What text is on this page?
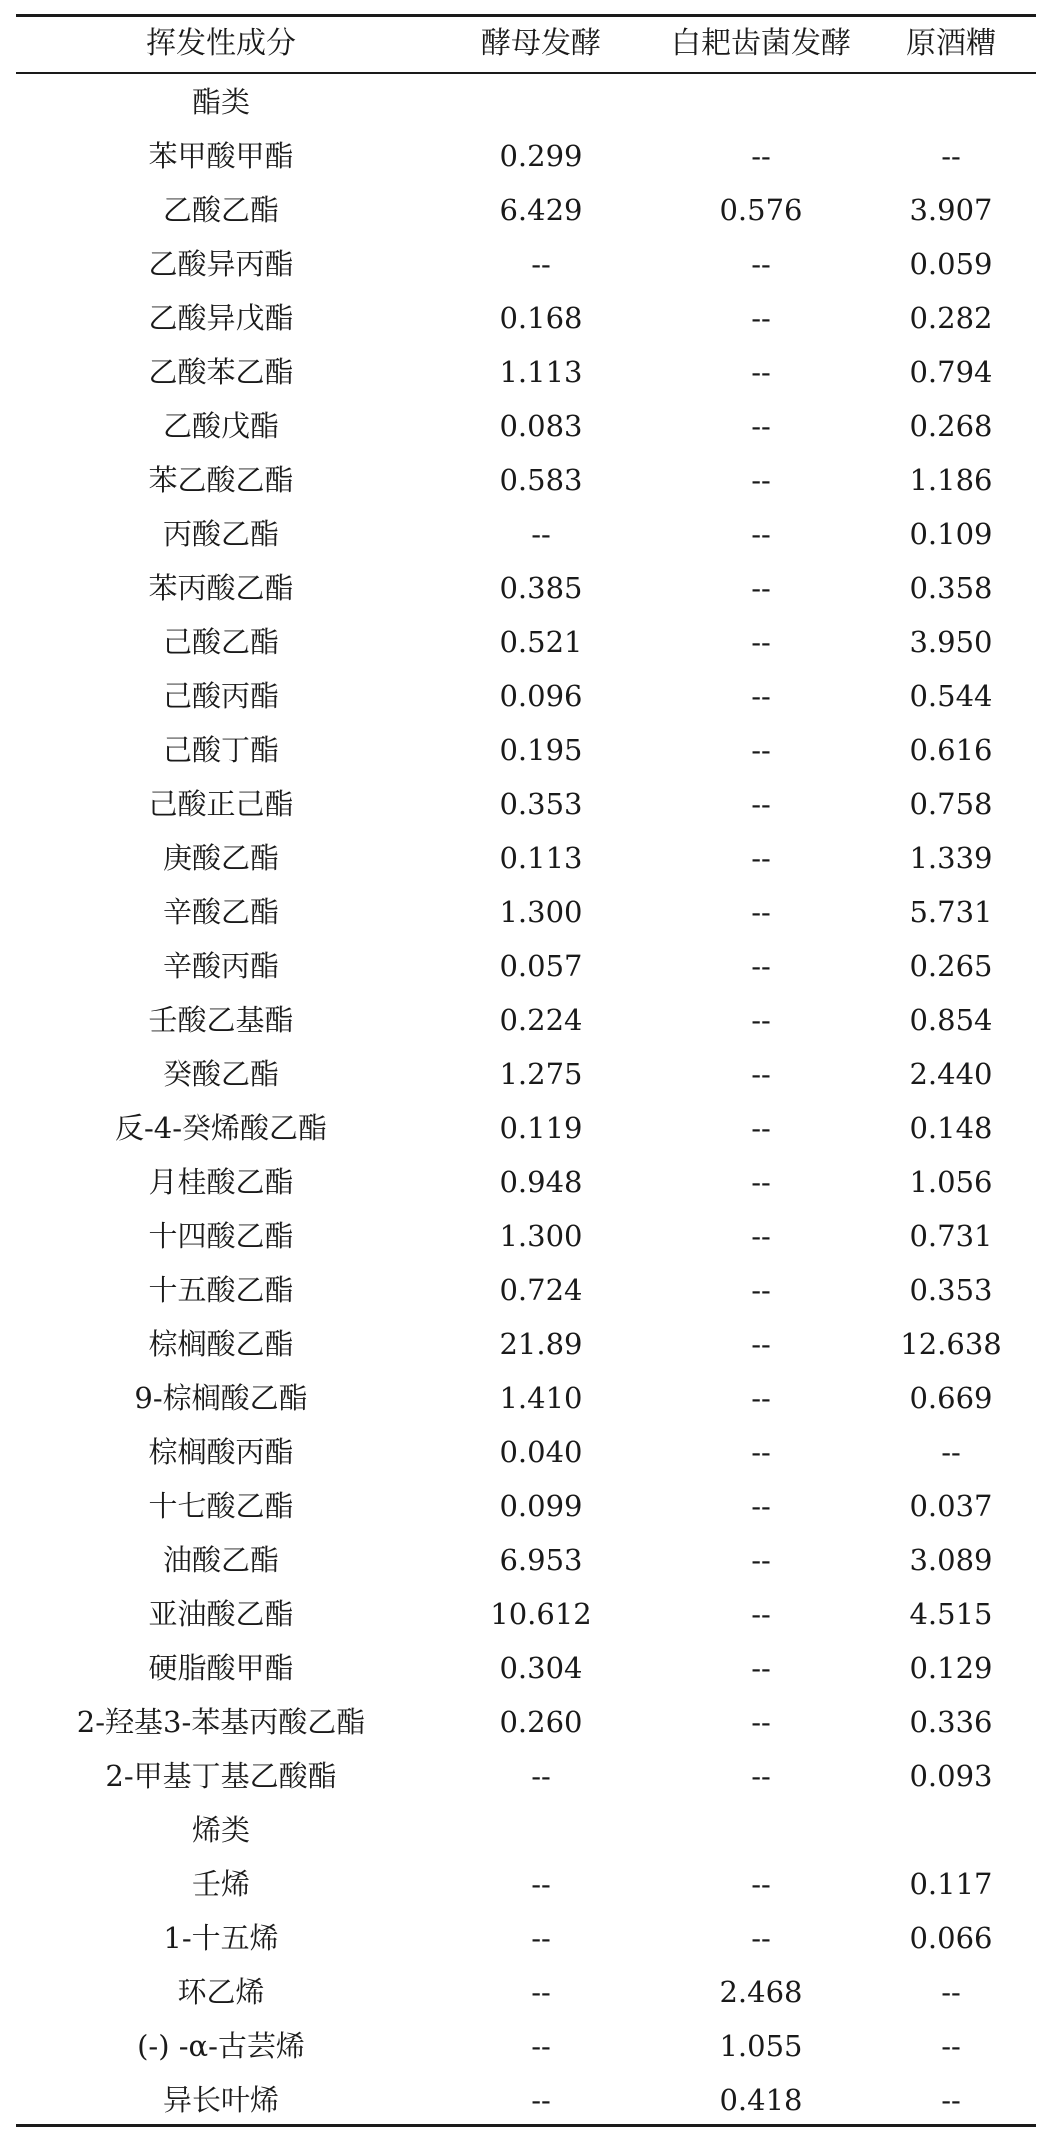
挥发性成分	酵母发酵	白耙齿菌发酵	原酒糟
酯类
苯甲酸甲酯	0.299	--	--
乙酸乙酯	6.429	0.576	3.907
乙酸异丙酯	--	--	0.059
乙酸异戊酯	0.168	--	0.282
乙酸苯乙酯	1.113	--	0.794
乙酸戊酯	0.083	--	0.268
苯乙酸乙酯	0.583	--	1.186
丙酸乙酯	--	--	0.109
苯丙酸乙酯	0.385	--	0.358
己酸乙酯	0.521	--	3.950
己酸丙酯	0.096	--	0.544
己酸丁酯	0.195	--	0.616
己酸正己酯	0.353	--	0.758
庚酸乙酯	0.113	--	1.339
辛酸乙酯	1.300	--	5.731
辛酸丙酯	0.057	--	0.265
壬酸乙基酯	0.224	--	0.854
癸酸乙酯	1.275	--	2.440
反-4-癸烯酸乙酯	0.119	--	0.148
月桂酸乙酯	0.948	--	1.056
十四酸乙酯	1.300	--	0.731
十五酸乙酯	0.724	--	0.353
棕榈酸乙酯	21.89	--	12.638
9-棕榈酸乙酯	1.410	--	0.669
棕榈酸丙酯	0.040	--	--
十七酸乙酯	0.099	--	0.037
油酸乙酯	6.953	--	3.089
亚油酸乙酯	10.612	--	4.515
硬脂酸甲酯	0.304	--	0.129
2-羟基3-苯基丙酸乙酯	0.260	--	0.336
2-甲基丁基乙酸酯	--	--	0.093
烯类
壬烯	--	--	0.117
1-十五烯	--	--	0.066
环乙烯	--	2.468	--
(-) -α-古芸烯	--	1.055	--
异长叶烯	--	0.418	--
